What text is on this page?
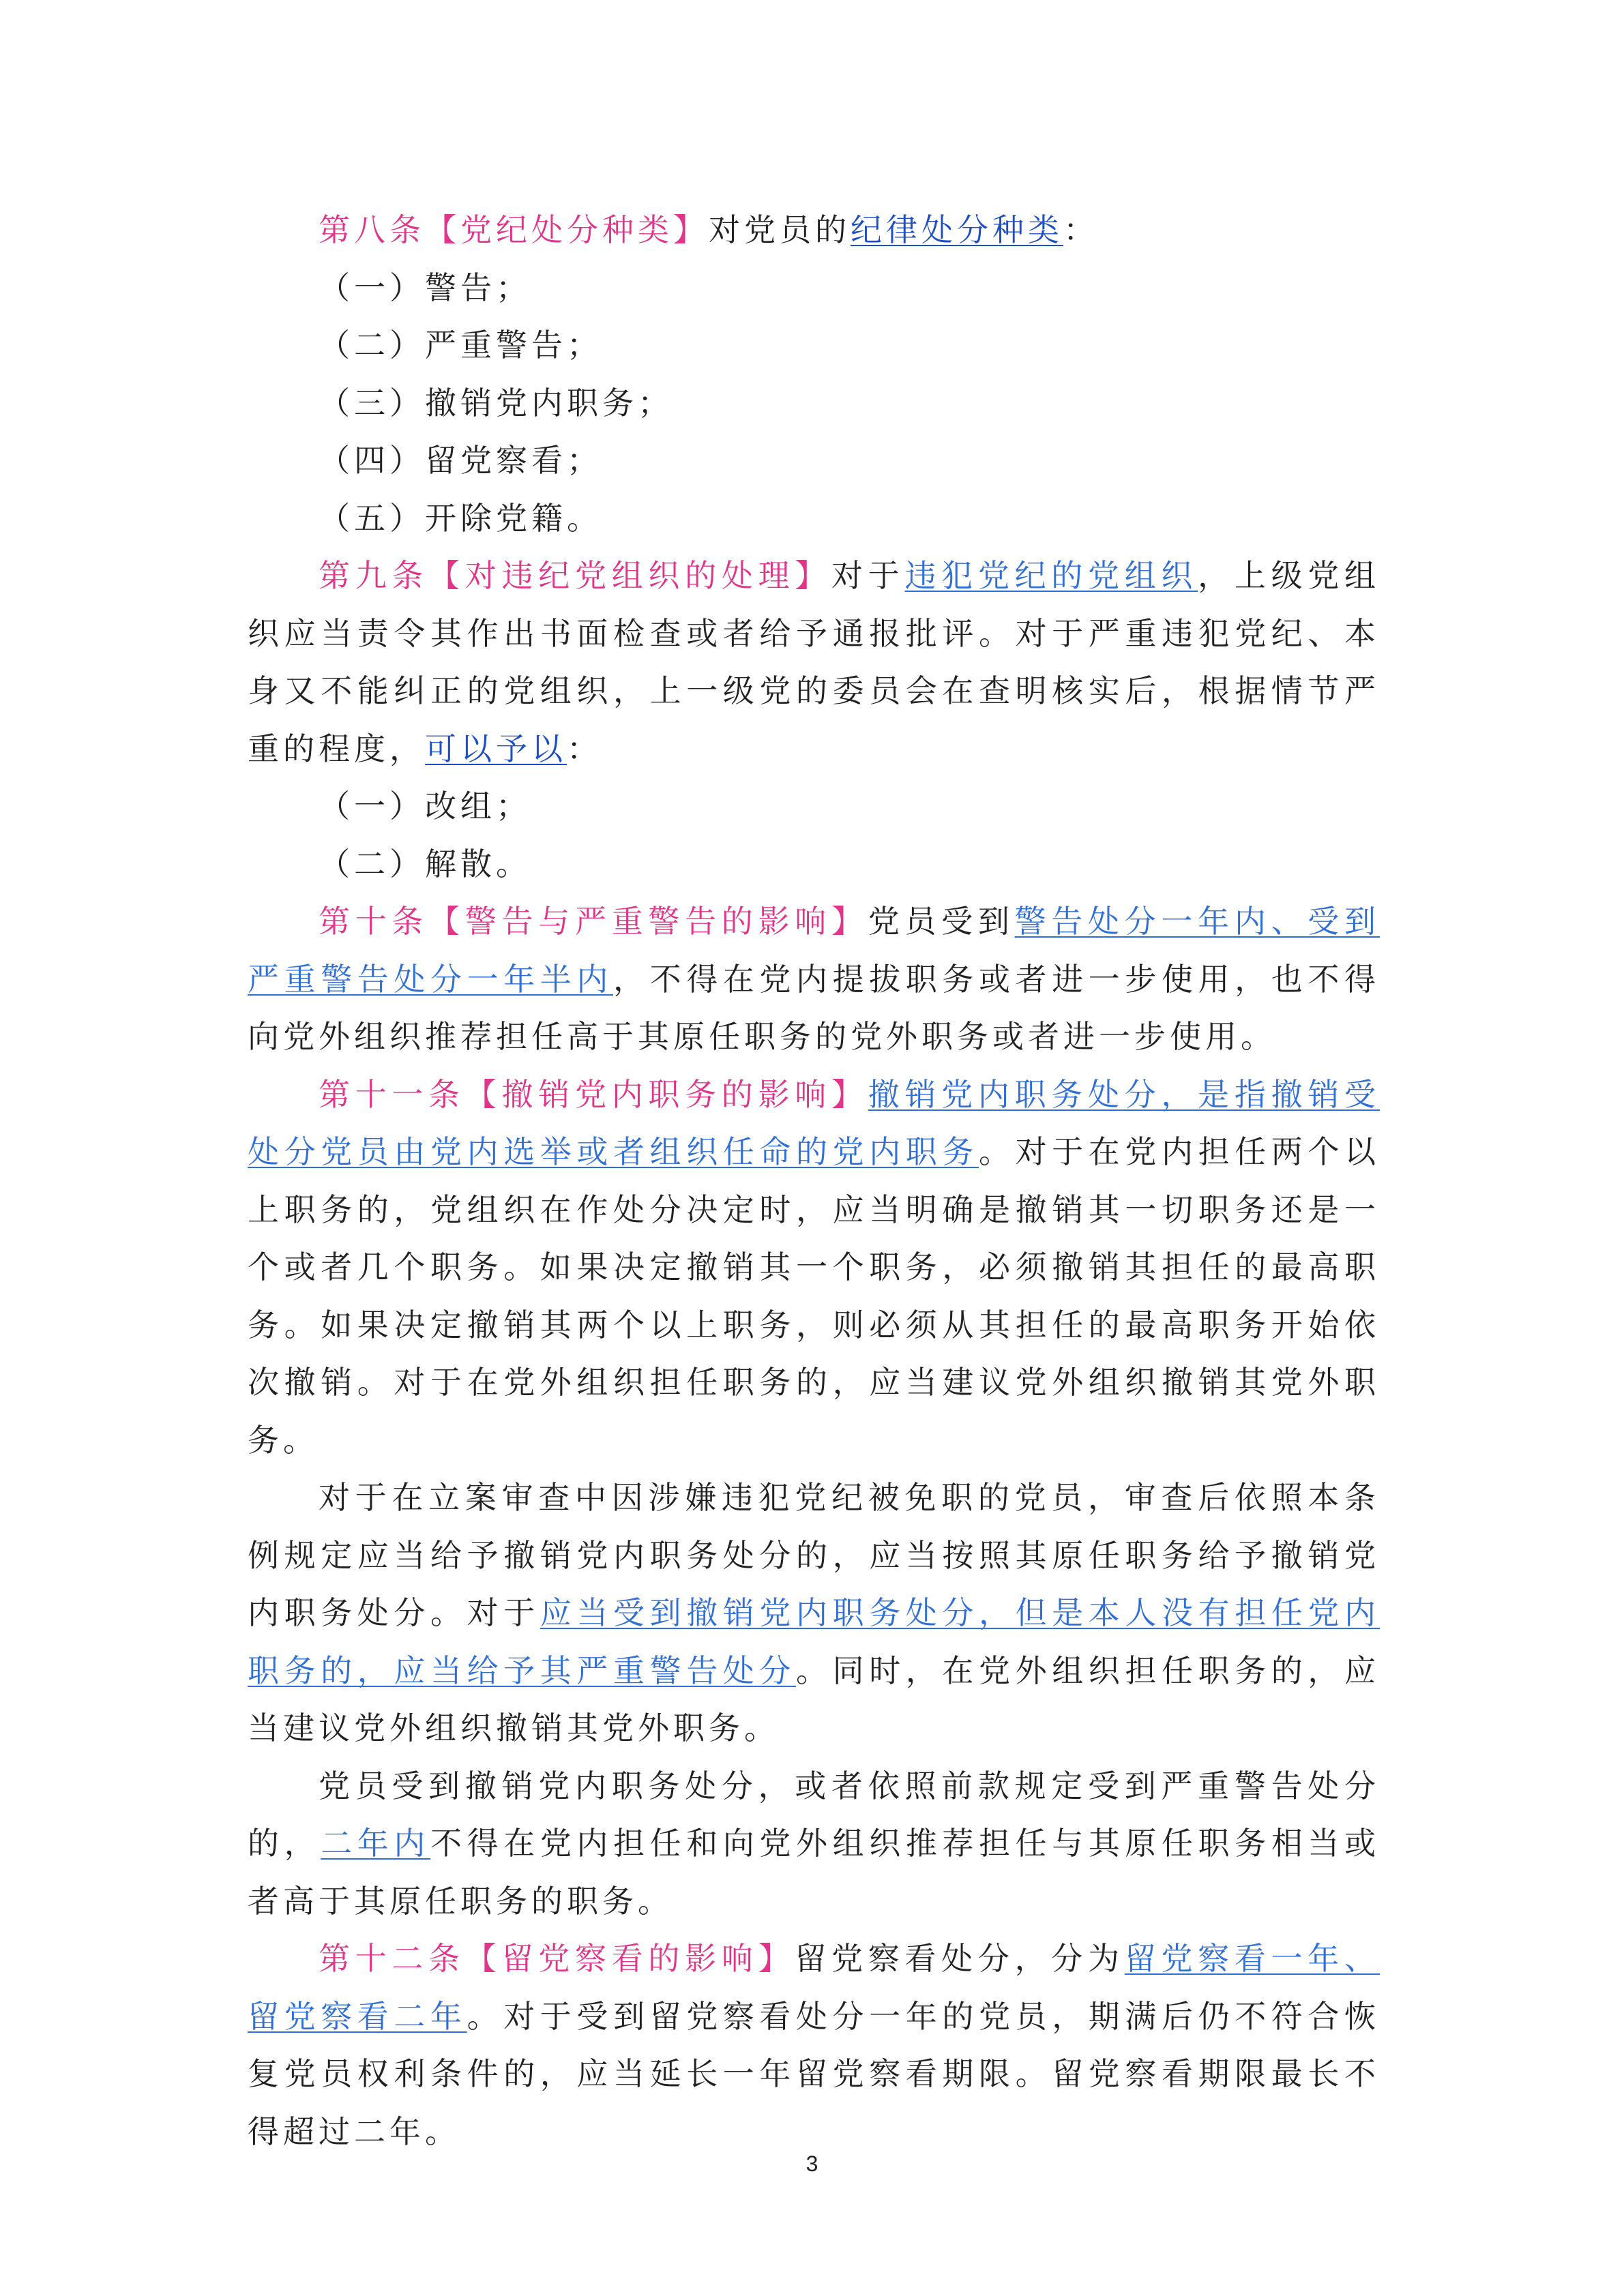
第八条【党纪处分种类】对党员的纪律处分种类：

（一）警告；

（二）严重警告；

（三）撤销党内职务；

（四）留党察看；

（五）开除党籍。

第九条【对违纪党组织的处理】对于违犯党纪的党组织，上级党组织应当责令其作出书面检查或者给予通报批评。对于严重违犯党纪、本身又不能纠正的党组织，上一级党的委员会在查明核实后，根据情节严重的程度，可以予以：

（一）改组；

（二）解散。

第十条【警告与严重警告的影响】党员受到警告处分一年内、受到严重警告处分一年半内，不得在党内提拔职务或者进一步使用，也不得向党外组织推荐担任高于其原任职务的党外职务或者进一步使用。

第十一条【撤销党内职务的影响】撤销党内职务处分，是指撤销受处分党员由党内选举或者组织任命的党内职务。对于在党内担任两个以上职务的，党组织在作处分决定时，应当明确是撤销其一切职务还是一个或者几个职务。如果决定撤销其一个职务，必须撤销其担任的最高职务。如果决定撤销其两个以上职务，则必须从其担任的最高职务开始依次撤销。对于在党外组织担任职务的，应当建议党外组织撤销其党外职务。

对于在立案审查中因涉嫌违犯党纪被免职的党员，审查后依照本条例规定应当给予撤销党内职务处分的，应当按照其原任职务给予撤销党内职务处分。对于应当受到撤销党内职务处分，但是本人没有担任党内职务的，应当给予其严重警告处分。同时，在党外组织担任职务的，应当建议党外组织撤销其党外职务。

党员受到撤销党内职务处分，或者依照前款规定受到严重警告处分的，二年内不得在党内担任和向党外组织推荐担任与其原任职务相当或者高于其原任职务的职务。

第十二条【留党察看的影响】留党察看处分，分为留党察看一年、留党察看二年。对于受到留党察看处分一年的党员，期满后仍不符合恢复党员权利条件的，应当延长一年留党察看期限。留党察看期限最长不得超过二年。

3
